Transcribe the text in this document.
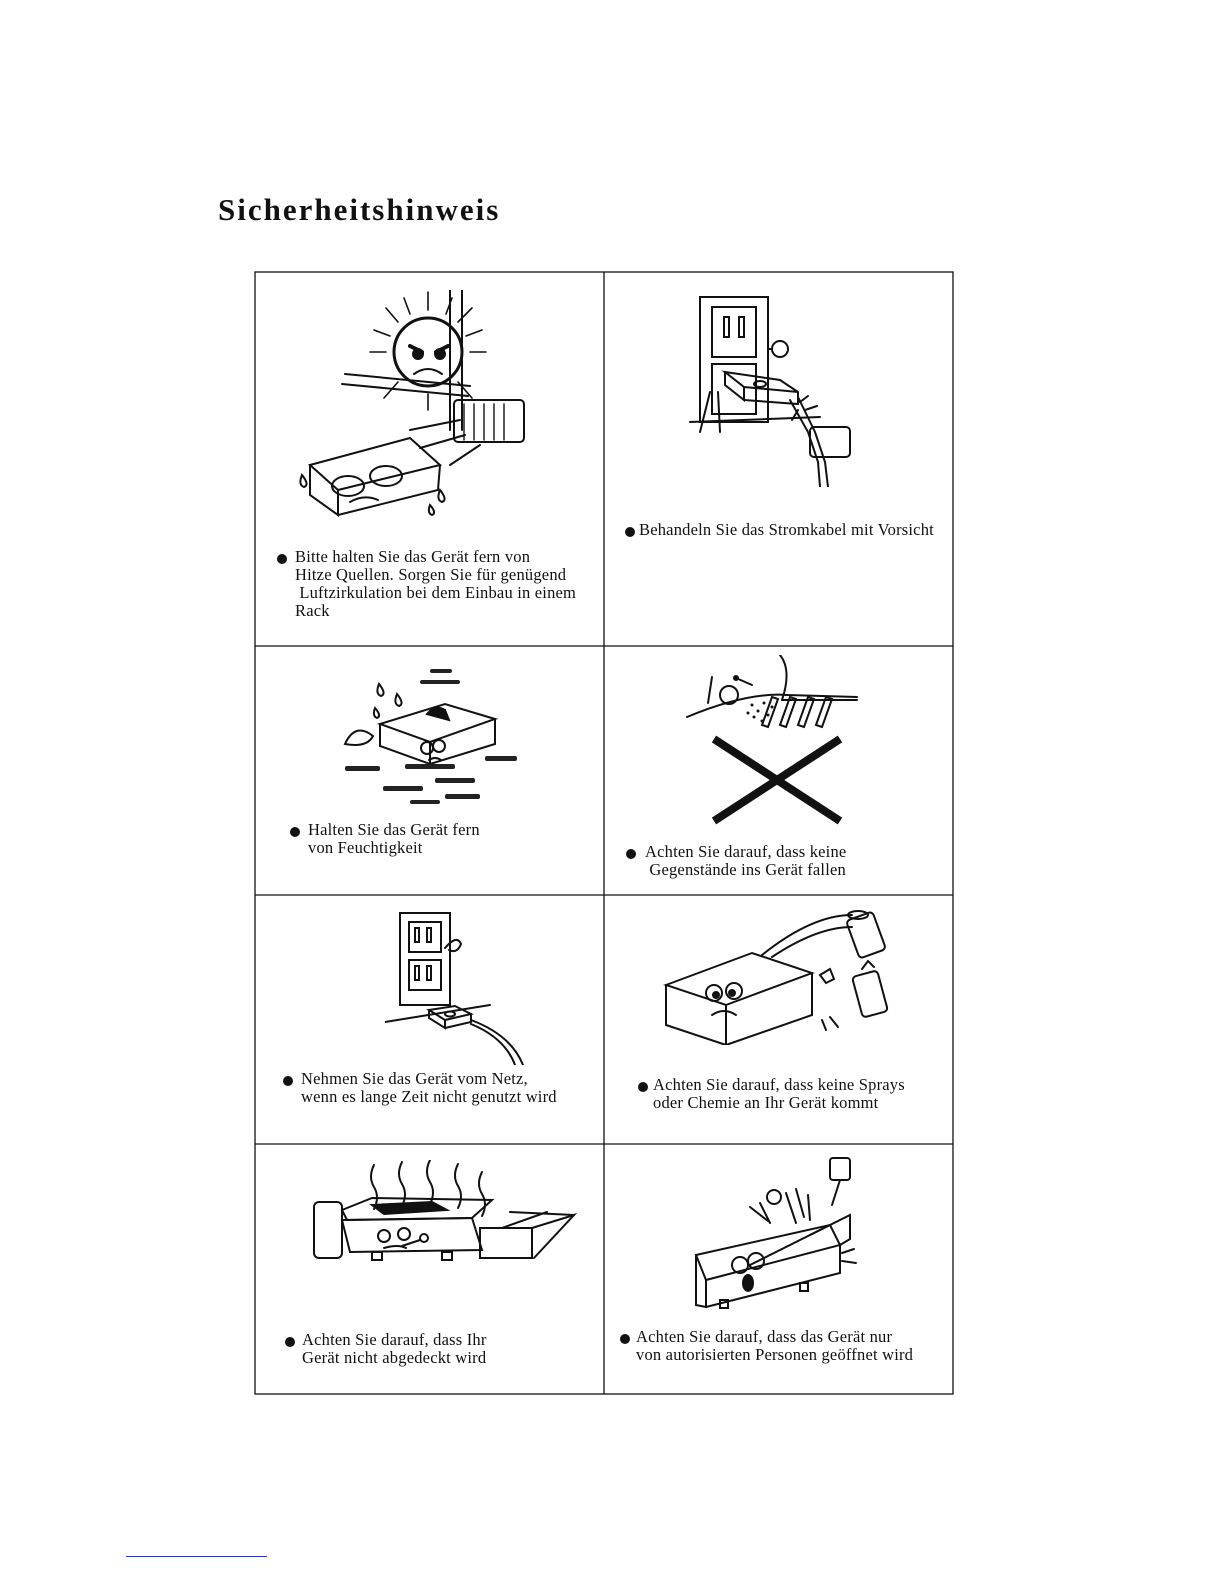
Sicherheitshinweis
Bitte halten Sie das Gerät fern von
Hitze Quellen. Sorgen Sie für genügend
Luftzirkulation bei dem Einbau in einem
Rack
Behandeln Sie das Stromkabel mit Vorsicht
Halten Sie das Gerät fern
von Feuchtigkeit	Achten Sie darauf, dass keine
Gegenstände ins Gerät fallen
Nehmen Sie das Gerät vom Netz,
wenn es lange Zeit nicht genutzt wird
Achten Sie darauf, dass keine Sprays
oder Chemie an Ihr Gerät kommt
Achten Sie darauf, dass Ihr
Gerät nicht abgedeckt wird
Achten Sie darauf, dass das Gerät nur
von autorisierten Personen geöffnet wird
